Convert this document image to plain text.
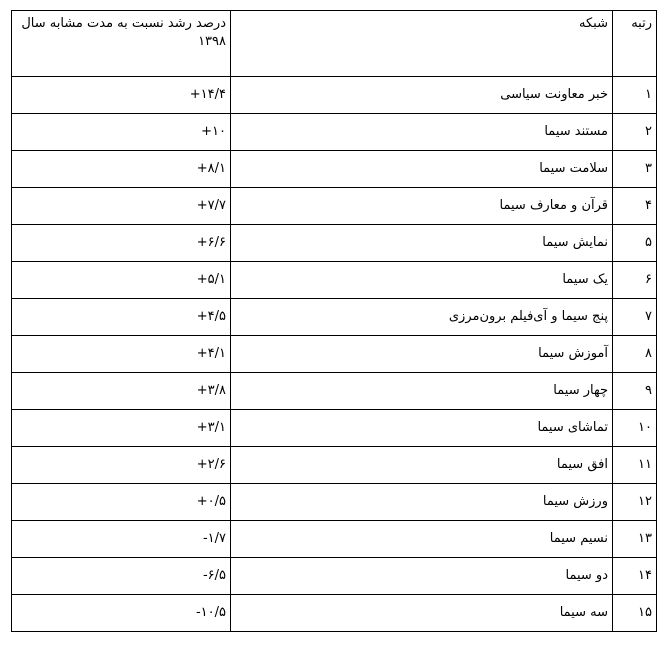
رتبه	شبکه	درصد رشد نسبت به مدت مشابه سال ۱۳۹۸
۱	خبر معاونت سیاسی	+۱۴/۴
۲	مستند سیما	+۱۰
۳	سلامت سیما	+۸/۱
۴	قرآن و معارف سیما	+۷/۷
۵	نمایش سیما	+۶/۶
۶	یک سیما	+۵/۱
۷	پنج سیما و آی‌فیلم برون‌مرزی	+۴/۵
۸	آموزش سیما	+۴/۱
۹	چهار سیما	+۳/۸
۱۰	تماشای سیما	+۳/۱
۱۱	افق سیما	+۲/۶
۱۲	ورزش سیما	+۰/۵
۱۳	نسیم سیما	-۱/۷
۱۴	دو سیما	-۶/۵
۱۵	سه سیما	-۱۰/۵
